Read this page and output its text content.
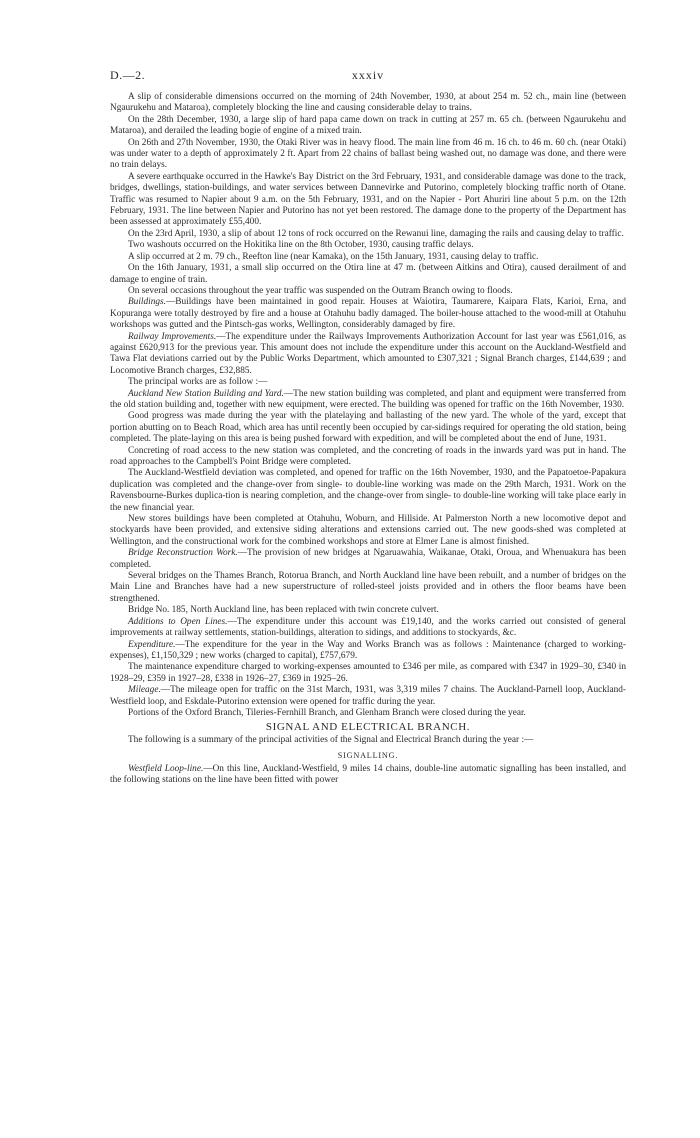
D.—2.	xxxiv

A slip of considerable dimensions occurred on the morning of 24th November, 1930, at about 254 m. 52 ch., main line (between Ngaurukehu and Mataroa), completely blocking the line and causing considerable delay to trains.

On the 28th December, 1930, a large slip of hard papa came down on track in cutting at 257 m. 65 ch. (between Ngaurukehu and Mataroa), and derailed the leading bogie of engine of a mixed train.

On 26th and 27th November, 1930, the Otaki River was in heavy flood. The main line from 46 m. 16 ch. to 46 m. 60 ch. (near Otaki) was under water to a depth of approximately 2 ft. Apart from 22 chains of ballast being washed out, no damage was done, and there were no train delays.

A severe earthquake occurred in the Hawke's Bay District on the 3rd February, 1931, and considerable damage was done to the track, bridges, dwellings, station-buildings, and water services between Dannevirke and Putorino, completely blocking traffic north of Otane. Traffic was resumed to Napier about 9 a.m. on the 5th February, 1931, and on the Napier - Port Ahuriri line about 5 p.m. on the 12th February, 1931. The line between Napier and Putorino has not yet been restored. The damage done to the property of the Department has been assessed at approximately £55,400.

On the 23rd April, 1930, a slip of about 12 tons of rock occurred on the Rewanui line, damaging the rails and causing delay to traffic.

Two washouts occurred on the Hokitika line on the 8th October, 1930, causing traffic delays.

A slip occurred at 2 m. 79 ch., Reefton line (near Kamaka), on the 15th January, 1931, causing delay to traffic.

On the 16th January, 1931, a small slip occurred on the Otira line at 47 m. (between Aitkins and Otira), caused derailment of and damage to engine of train.

On several occasions throughout the year traffic was suspended on the Outram Branch owing to floods.

Buildings.—Buildings have been maintained in good repair. Houses at Waiotira, Taumarere, Kaipara Flats, Karioi, Erna, and Kopuranga were totally destroyed by fire and a house at Otahuhu badly damaged. The boiler-house attached to the wood-mill at Otahuhu workshops was gutted and the Pintsch-gas works, Wellington, considerably damaged by fire.

Railway Improvements.—The expenditure under the Railways Improvements Authorization Account for last year was £561,016, as against £620,913 for the previous year. This amount does not include the expenditure under this account on the Auckland-Westfield and Tawa Flat deviations carried out by the Public Works Department, which amounted to £307,321 ; Signal Branch charges, £144,639 ; and Locomotive Branch charges, £32,885.

The principal works are as follow :—

Auckland New Station Building and Yard.—The new station building was completed, and plant and equipment were transferred from the old station building and, together with new equipment, were erected. The building was opened for traffic on the 16th November, 1930.

Good progress was made during the year with the platelaying and ballasting of the new yard. The whole of the yard, except that portion abutting on to Beach Road, which area has until recently been occupied by car-sidings required for operating the old station, being completed. The plate-laying on this area is being pushed forward with expedition, and will be completed about the end of June, 1931.

Concreting of road access to the new station was completed, and the concreting of roads in the inwards yard was put in hand. The road approaches to the Campbell's Point Bridge were completed.

The Auckland-Westfield deviation was completed, and opened for traffic on the 16th November, 1930, and the Papatoetoe-Papakura duplication was completed and the change-over from single- to double-line working was made on the 29th March, 1931. Work on the Ravensbourne-Burkes duplica-tion is nearing completion, and the change-over from single- to double-line working will take place early in the new financial year.

New stores buildings have been completed at Otahuhu, Woburn, and Hillside. At Palmerston North a new locomotive depot and stockyards have been provided, and extensive siding alterations and extensions carried out. The new goods-shed was completed at Wellington, and the constructional work for the combined workshops and store at Elmer Lane is almost finished.

Bridge Reconstruction Work.—The provision of new bridges at Ngaruawahia, Waikanae, Otaki, Oroua, and Whenuakura has been completed.

Several bridges on the Thames Branch, Rotorua Branch, and North Auckland line have been rebuilt, and a number of bridges on the Main Line and Branches have had a new superstructure of rolled-steel joists provided and in others the floor beams have been strengthened.

Bridge No. 185, North Auckland line, has been replaced with twin concrete culvert.

Additions to Open Lines.—The expenditure under this account was £19,140, and the works carried out consisted of general improvements at railway settlements, station-buildings, alteration to sidings, and additions to stockyards, &c.

Expenditure.—The expenditure for the year in the Way and Works Branch was as follows : Maintenance (charged to working-expenses), £1,150,329 ; new works (charged to capital), £757,679.

The maintenance expenditure charged to working-expenses amounted to £346 per mile, as compared with £347 in 1929–30, £340 in 1928–29, £359 in 1927–28, £338 in 1926–27, £369 in 1925–26.

Mileage.—The mileage open for traffic on the 31st March, 1931, was 3,319 miles 7 chains. The Auckland-Parnell loop, Auckland-Westfield loop, and Eskdale-Putorino extension were opened for traffic during the year.

Portions of the Oxford Branch, Tileries-Fernhill Branch, and Glenham Branch were closed during the year.

SIGNAL AND ELECTRICAL BRANCH.

The following is a summary of the principal activities of the Signal and Electrical Branch during the year :—

SIGNALLING.

Westfield Loop-line.—On this line, Auckland-Westfield, 9 miles 14 chains, double-line automatic signalling has been installed, and the following stations on the line have been fitted with power
